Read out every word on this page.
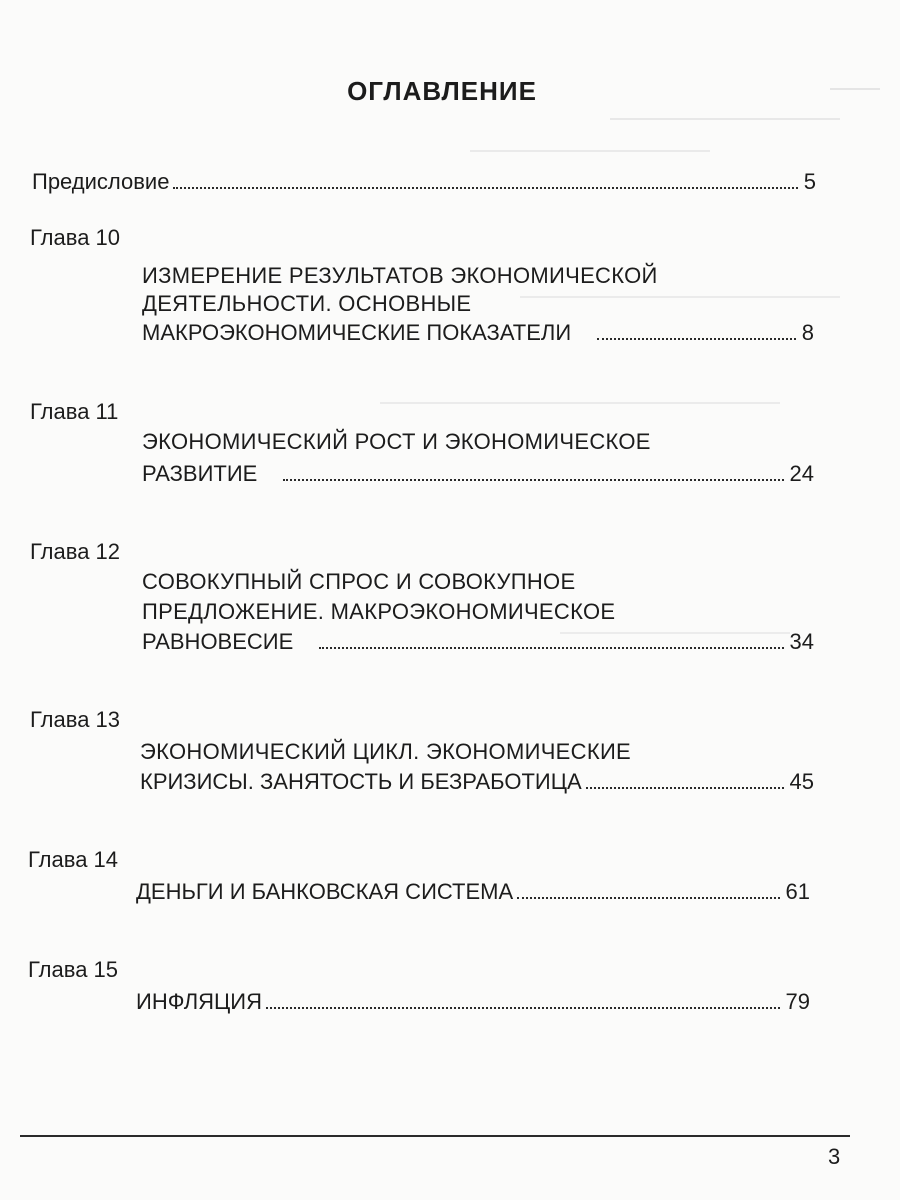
ОГЛАВЛЕНИЕ
Предисловие	5
Глава 10
ИЗМЕРЕНИЕ РЕЗУЛЬТАТОВ ЭКОНОМИЧЕСКОЙ
ДЕЯТЕЛЬНОСТИ. ОСНОВНЫЕ
МАКРОЭКОНОМИЧЕСКИЕ ПОКАЗАТЕЛИ	8
Глава 11
ЭКОНОМИЧЕСКИЙ РОСТ И ЭКОНОМИЧЕСКОЕ
РАЗВИТИЕ	24
Глава 12
СОВОКУПНЫЙ СПРОС И СОВОКУПНОЕ
ПРЕДЛОЖЕНИЕ. МАКРОЭКОНОМИЧЕСКОЕ
РАВНОВЕСИЕ	34
Глава 13
ЭКОНОМИЧЕСКИЙ ЦИКЛ. ЭКОНОМИЧЕСКИЕ
КРИЗИСЫ. ЗАНЯТОСТЬ И БЕЗРАБОТИЦА	45
Глава 14
ДЕНЬГИ И БАНКОВСКАЯ СИСТЕМА	61
Глава 15
ИНФЛЯЦИЯ	79
3
